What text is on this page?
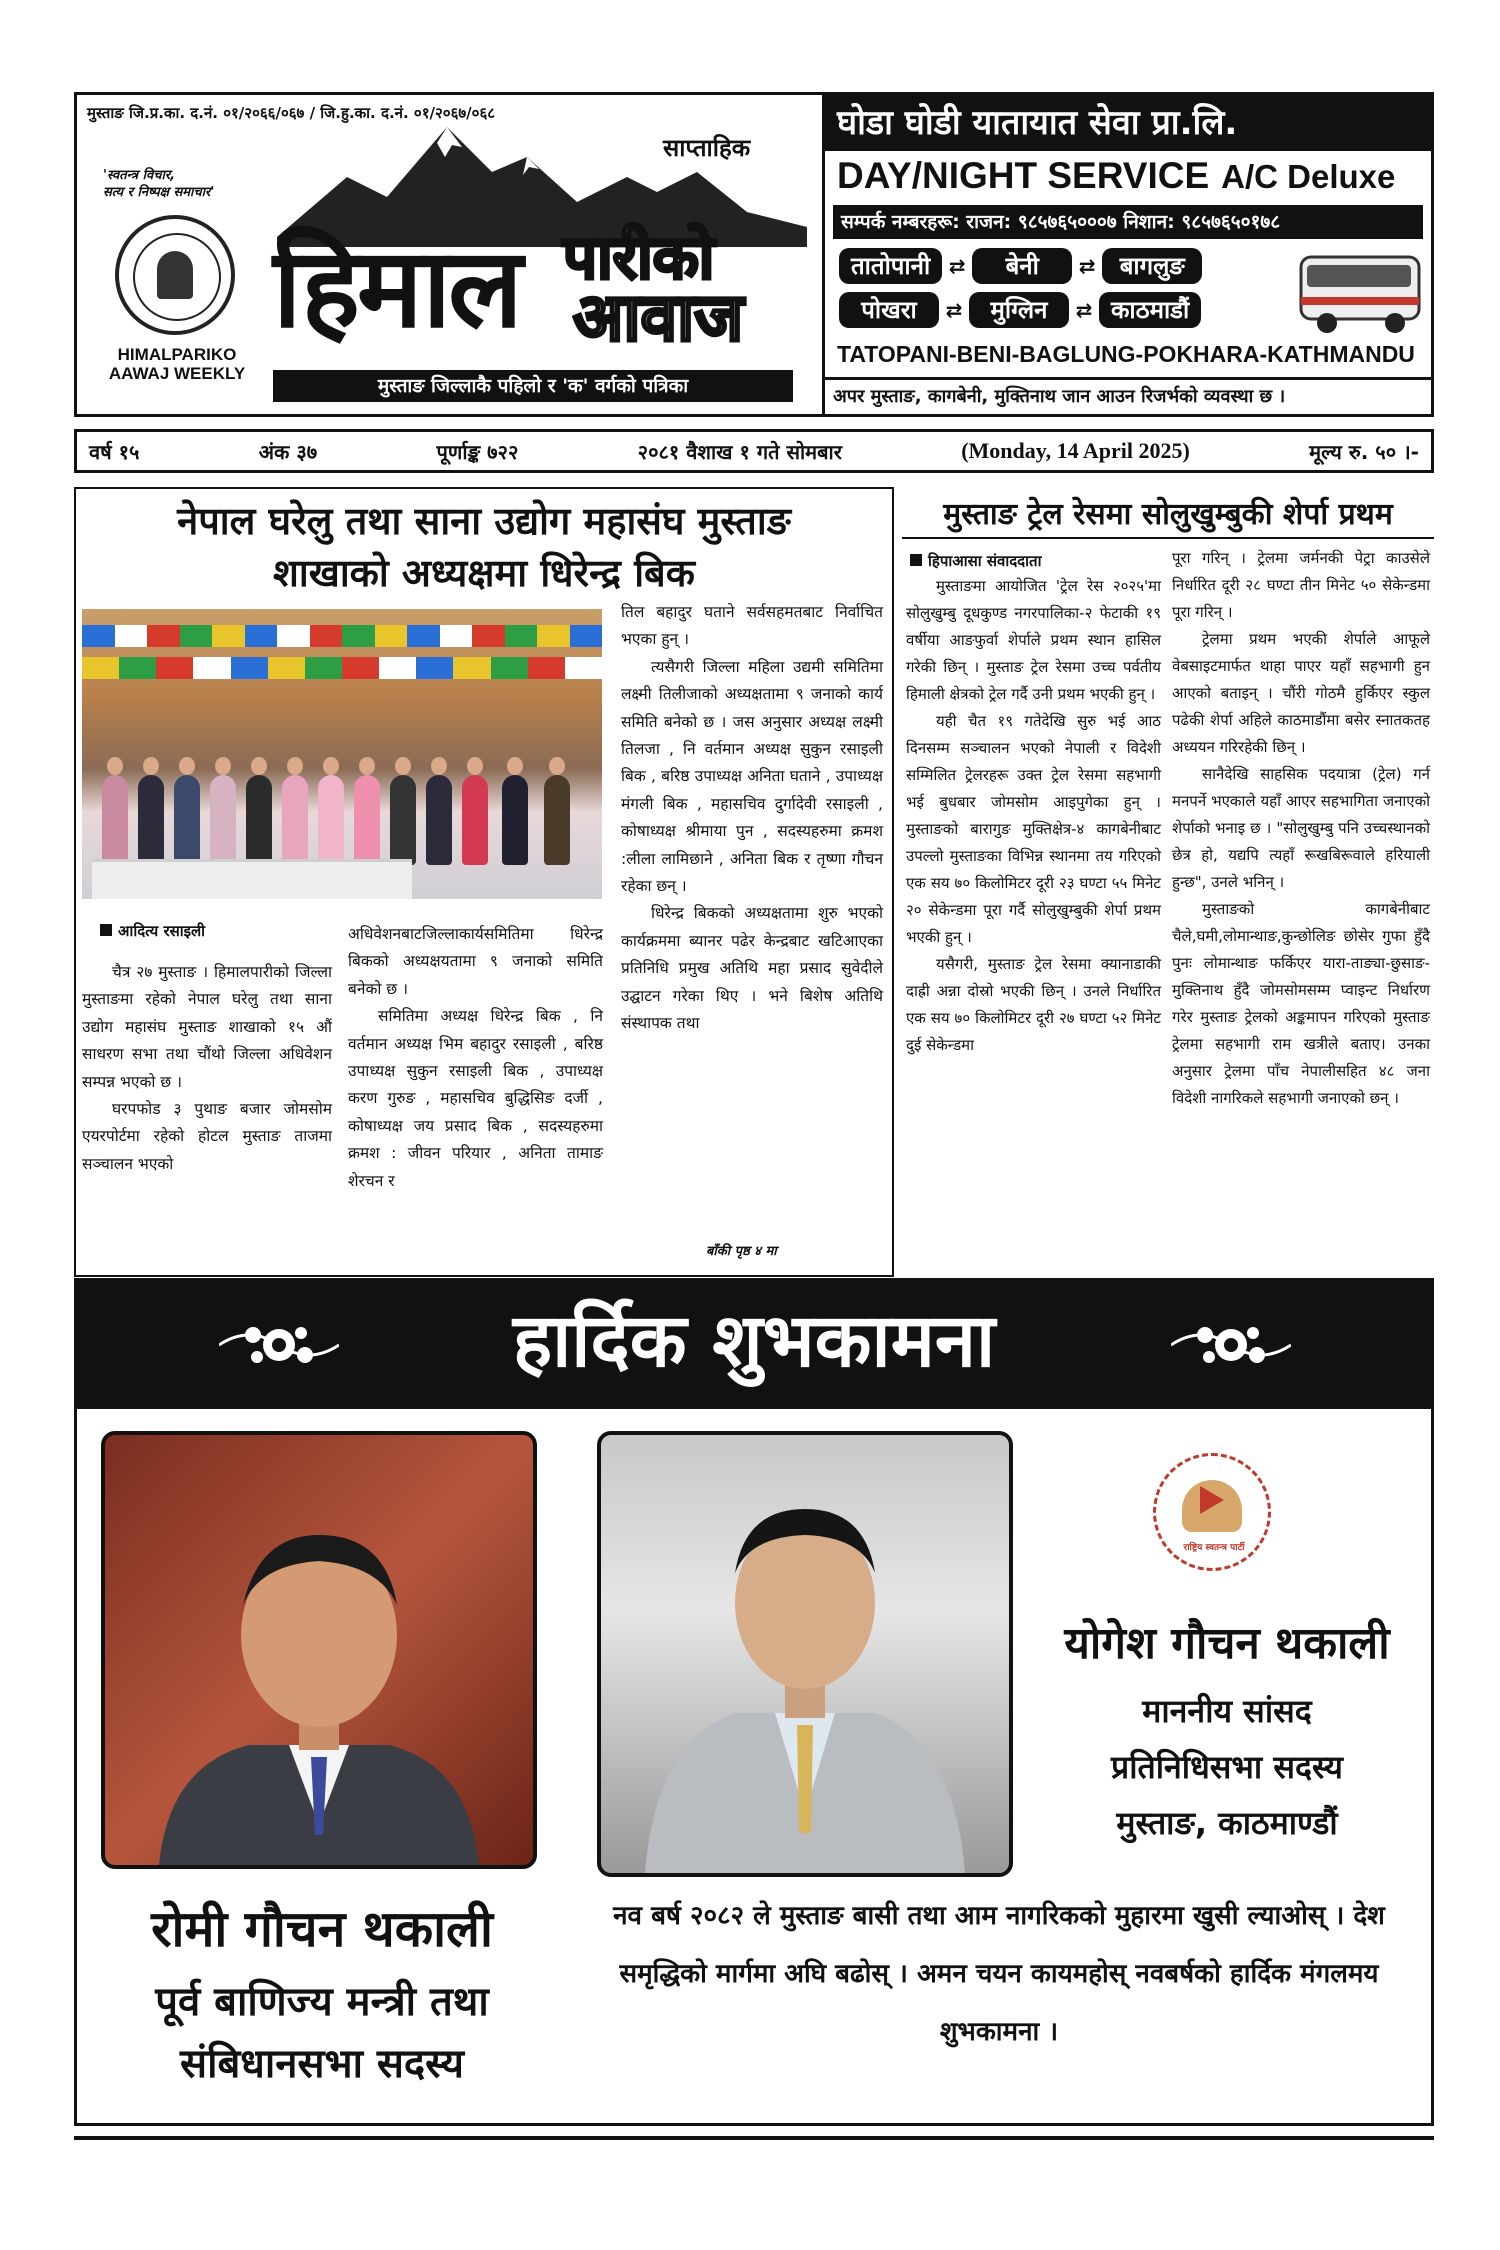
मुस्ताङ जि.प्र.का. द.नं. ०१/२०६६/०६७ / जि.हु.का. द.नं. ०१/२०६७/०६८
'स्वतन्त्र विचार,
सत्य र निष्पक्ष समाचार'
HIMALPARIKO
AAWAJ WEEKLY
साप्ताहिक
हिमाल पारीको
आवाज
मुस्ताङ जिल्लाकै पहिलो र 'क' वर्गको पत्रिका
घोडा घोडी यातायात सेवा प्रा.लि.
DAY/NIGHT SERVICE A/C Deluxe
सम्पर्क नम्बरहरू: राजन: ९८५७६५०००७ निशान: ९८५७६५०१७८
तातोपानी ⇄	बेनी	⇄	बागलुङ
पोखरा	⇄	मुग्लिन	⇄ काठमाडौं
TATOPANI-BENI-BAGLUNG-POKHARA-KATHMANDU
अपर मुस्ताङ, कागबेनी, मुक्तिनाथ जान आउन रिजर्भको व्यवस्था छ ।
वर्ष १५	अंक ३७	पूर्णाङ्क ७२२	२०८१ वैशाख १ गते सोमबार	(Monday, 14 April 2025)	मूल्य रु. ५० ।-
नेपाल घरेलु तथा साना उद्योग महासंघ मुस्ताङ
शाखाको अध्यक्षमा धिरेन्द्र बिक
आदित्य रसाइली

चैत्र २७ मुस्ताङ । हिमालपारीको जिल्ला मुस्ताङमा रहेको नेपाल घरेलु तथा साना उद्योग महासंघ मुस्ताङ शाखाको १५ औं साधरण सभा तथा चौंथो जिल्ला अधिवेशन सम्पन्न भएको छ ।

घरपफोड ३ पुथाङ बजार जोमसोम एयरपोर्टमा रहेको होटल मुस्ताङ ताजमा सञ्चालन भएको

अधिवेशनबाटजिल्लाकार्यसमितिमा धिरेन्द्र बिकको अध्यक्षयतामा ९ जनाको समिति बनेको छ ।

समितिमा अध्यक्ष धिरेन्द्र बिक , नि वर्तमान अध्यक्ष भिम बहादुर रसाइली , बरिष्ठ उपाध्यक्ष सुकुन रसाइली बिक , उपाध्यक्ष करण गुरुङ , महासचिव बुद्धिसिङ दर्जी , कोषाध्यक्ष जय प्रसाद बिक , सदस्यहरुमा क्रमश : जीवन परियार , अनिता तामाङ शेरचन र

तिल बहादुर घताने सर्वसहमतबाट निर्वाचित भएका हुन् ।

त्यसैगरी जिल्ला महिला उद्यमी समितिमा लक्ष्मी तिलीजाको अध्यक्षतामा ९ जनाको कार्य समिति बनेको छ । जस अनुसार अध्यक्ष लक्ष्मी तिलजा , नि वर्तमान अध्यक्ष सुकुन रसाइली बिक , बरिष्ठ उपाध्यक्ष अनिता घताने , उपाध्यक्ष मंगली बिक , महासचिव दुर्गादेवी रसाइली , कोषाध्यक्ष श्रीमाया पुन , सदस्यहरुमा क्रमश :लीला लामिछाने , अनिता बिक र तृष्णा गौचन रहेका छन् ।

धिरेन्द्र बिकको अध्यक्षतामा शुरु भएको कार्यक्रममा ब्यानर पढेर केन्द्रबाट खटिआएका प्रतिनिधि प्रमुख अतिथि महा प्रसाद सुवेदीले उद्घाटन गरेका थिए । भने बिशेष अतिथि संस्थापक तथा

बाँकी पृष्ठ ४ मा
मुस्ताङ ट्रेल रेसमा सोलुखुम्बुकी शेर्पा प्रथम
हिपाआसा संवाददाता

मुस्ताङमा आयोजित 'ट्रेल रेस २०२५'मा सोलुखुम्बु दूधकुण्ड नगरपालिका-२ फेटाकी १९ वर्षीया आङफुर्वा शेर्पाले प्रथम स्थान हासिल गरेकी छिन् । मुस्ताङ ट्रेल रेसमा उच्च पर्वतीय हिमाली क्षेत्रको ट्रेल गर्दै उनी प्रथम भएकी हुन् ।

यही चैत १९ गतेदेखि सुरु भई आठ दिनसम्म सञ्चालन भएको नेपाली र विदेशी सम्मिलित ट्रेलरहरू उक्त ट्रेल रेसमा सहभागी भई बुधबार जोमसोम आइपुगेका हुन् । मुस्ताङको बारागुङ मुक्तिक्षेत्र-४ कागबेनीबाट उपल्लो मुस्ताङका विभिन्न स्थानमा तय गरिएको एक सय ७० किलोमिटर दूरी २३ घण्टा ५५ मिनेट २० सेकेन्डमा पूरा गर्दै सोलुखुम्बुकी शेर्पा प्रथम भएकी हुन् ।

यसैगरी, मुस्ताङ ट्रेल रेसमा क्यानाडाकी दाह्री अन्ना दोस्रो भएकी छिन् । उनले निर्धारित एक सय ७० किलोमिटर दूरी २७ घण्टा ५२ मिनेट दुई सेकेन्डमा

पूरा गरिन् । ट्रेलमा जर्मनकी पेट्रा काउसेले निर्धारित दूरी २८ घण्टा तीन मिनेट ५० सेकेन्डमा पूरा गरिन् ।

ट्रेलमा प्रथम भएकी शेर्पाले आफूले वेबसाइटमार्फत थाहा पाएर यहाँ सहभागी हुन आएको बताइन् । चौंरी गोठमै हुर्किएर स्कुल पढेकी शेर्पा अहिले काठमाडौंमा बसेर स्नातकतह अध्ययन गरिरहेकी छिन् ।

सानैदेखि साहसिक पदयात्रा (ट्रेल) गर्न मनपर्ने भएकाले यहाँ आएर सहभागिता जनाएको शेर्पाको भनाइ छ । "सोलुखुम्बु पनि उच्चस्थानको छेत्र हो, यद्यपि त्यहाँ रूखबिरूवाले हरियाली हुन्छ", उनले भनिन् ।

मुस्ताङको कागबेनीबाट चैले,घमी,लोमान्थाङ,कुन्छोलिङ छोसेर गुफा हुँदै पुनः लोमान्थाङ फर्किएर यारा-ताङ्या-छुसाङ-मुक्तिनाथ हुँदै जोमसोमसम्म प्वाइन्ट निर्धारण गरेर मुस्ताङ ट्रेलको अङ्कमापन गरिएको मुस्ताङ ट्रेलमा सहभागी राम खत्रीले बताए। उनका अनुसार ट्रेलमा पाँच नेपालीसहित ४८ जना विदेशी नागरिकले सहभागी जनाएको छन् ।

हार्दिक शुभकामना
रोमी गौचन थकाली
पूर्व बाणिज्य मन्त्री तथा
संबिधानसभा सदस्य
राष्ट्रिय स्वतन्त्र पार्टी
योगेश गौचन थकाली
माननीय सांसद
प्रतिनिधिसभा सदस्य
मुस्ताङ, काठमाण्डौं
नव बर्ष २०८२ ले मुस्ताङ बासी तथा आम नागरिकको मुहारमा खुसी ल्याओस् । देश समृद्धिको मार्गमा अघि बढोस् । अमन चयन कायमहोस् नवबर्षको हार्दिक मंगलमय शुभकामना ।
